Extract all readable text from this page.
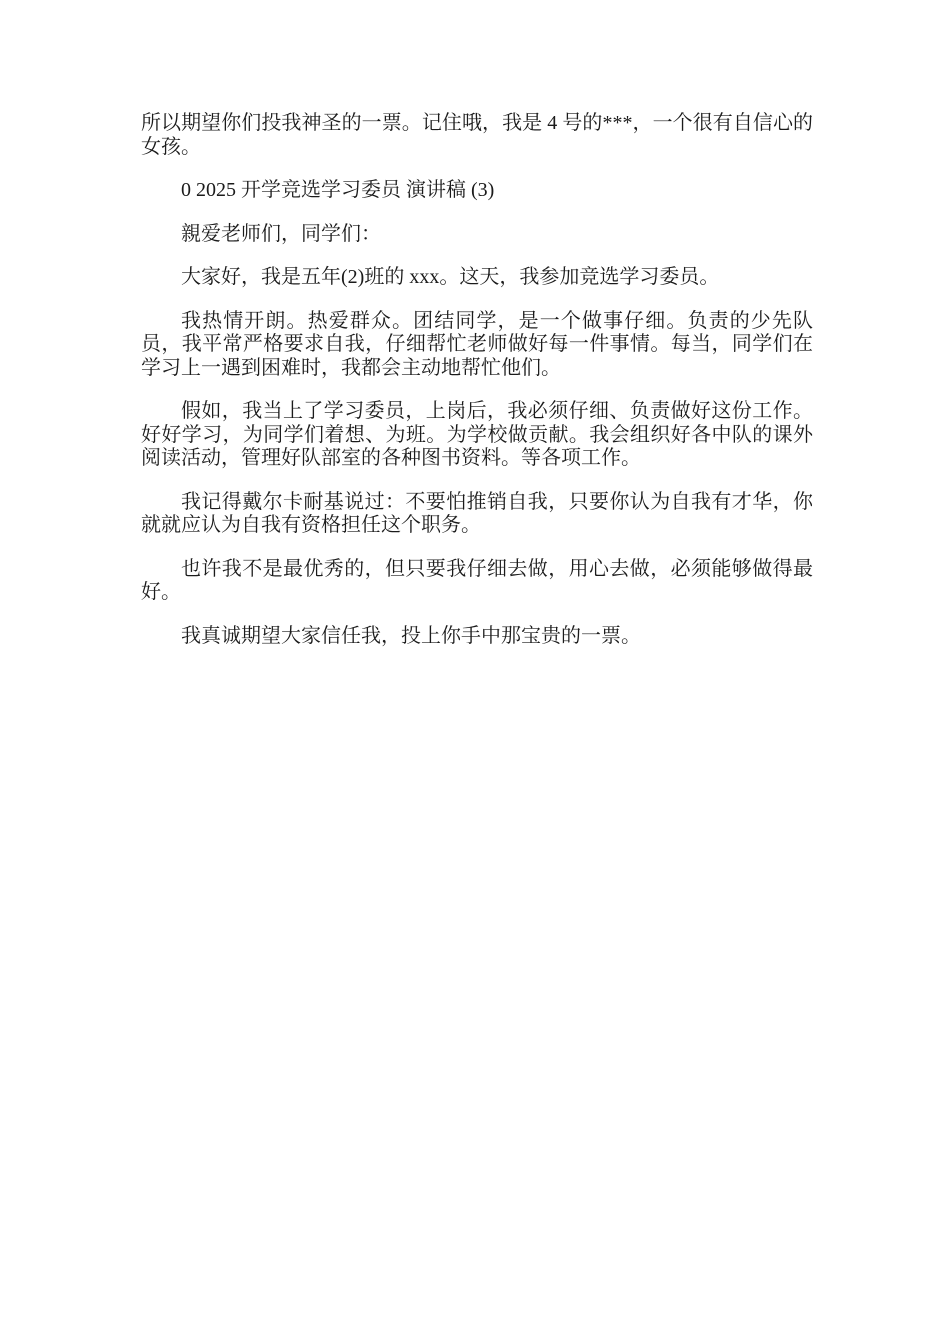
所以期望你们投我神圣的一票。记住哦，我是 4 号的***，一个很有自信心的女孩。

0 2025 开学竞选学习委员 演讲稿 (3)

親爱老师们，同学们：

大家好，我是五年(2)班的 xxx。这天，我参加竞选学习委员。

我热情开朗。热爱群众。团结同学，是一个做事仔细。负责的少先队员，我平常严格要求自我，仔细帮忙老师做好每一件事情。每当，同学们在学习上一遇到困难时，我都会主动地帮忙他们。

假如，我当上了学习委员，上岗后，我必须仔细、负责做好这份工作。好好学习，为同学们着想、为班。为学校做贡献。我会组织好各中队的课外阅读活动，管理好队部室的各种图书资料。等各项工作。

我记得戴尔卡耐基说过：不要怕推销自我，只要你认为自我有才华，你就就应认为自我有资格担任这个职务。

也许我不是最优秀的，但只要我仔细去做，用心去做，必须能够做得最好。

我真诚期望大家信任我，投上你手中那宝贵的一票。
